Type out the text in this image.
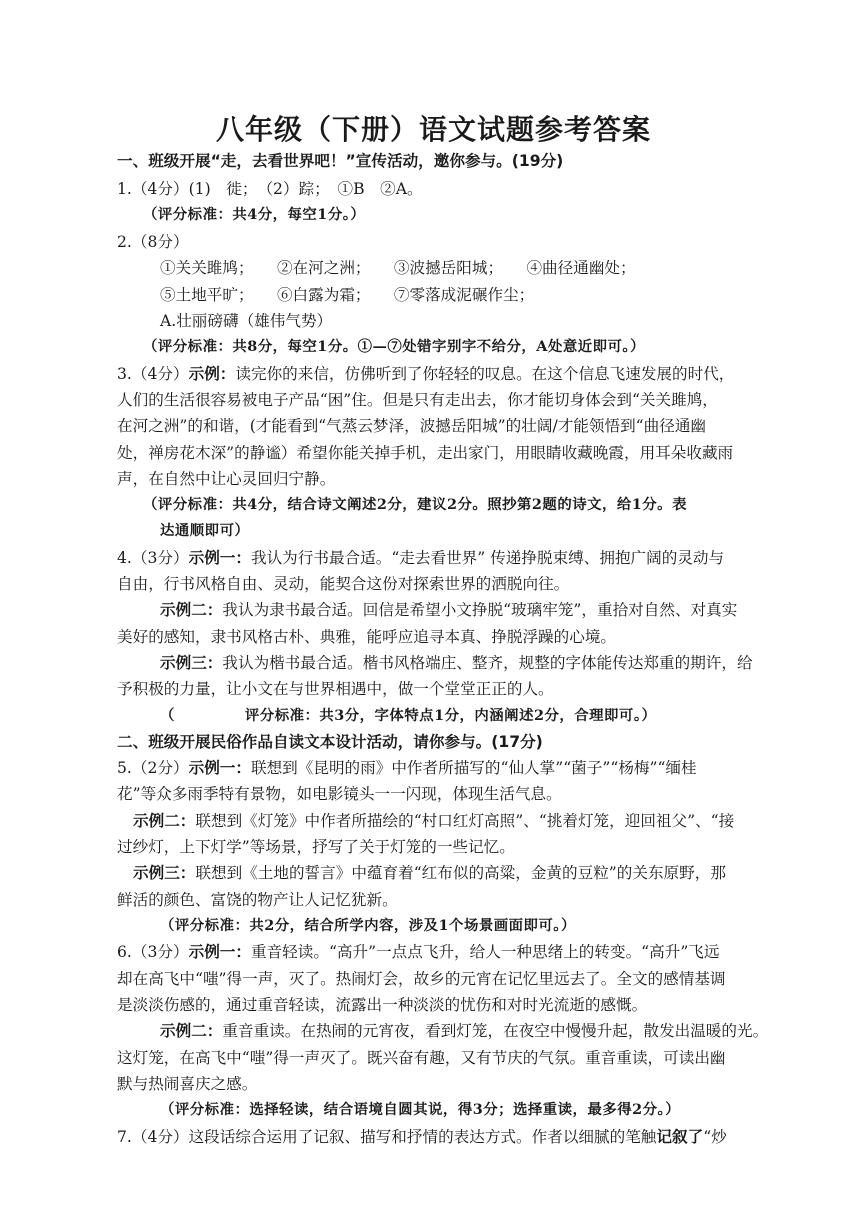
八年级（下册）语文试题参考答案
一、班级开展“走，去看世界吧！”宣传活动，邀你参与。(19分)
1.（4分）(1)　徙；　（2）踪；　①B　②A。
（评分标准：共4分，每空1分。）
2.（8分）
①关关雎鸠；　　②在河之洲；　　③波撼岳阳城；　　④曲径通幽处；
⑤土地平旷；　　⑥白露为霜；　　⑦零落成泥碾作尘；
A.壮丽磅礴（雄伟气势）
（评分标准：共8分，每空1分。①—⑦处错字别字不给分，A处意近即可。）
3.（4分）示例：读完你的来信，仿佛听到了你轻轻的叹息。在这个信息飞速发展的时代，
人们的生活很容易被电子产品“困”住。但是只有走出去，你才能切身体会到“关关雎鸠，
在河之洲”的和谐，(才能看到“气蒸云梦泽，波撼岳阳城”的壮阔/才能领悟到“曲径通幽
处，禅房花木深”的静谧）希望你能关掉手机，走出家门，用眼睛收藏晚霞，用耳朵收藏雨
声，在自然中让心灵回归宁静。
（评分标准：共4分，结合诗文阐述2分，建议2分。照抄第2题的诗文，给1分。表
达通顺即可）
4.（3分）示例一：我认为行书最合适。“走去看世界” 传递挣脱束缚、拥抱广阔的灵动与
自由，行书风格自由、灵动，能契合这份对探索世界的洒脱向往。
示例二：我认为隶书最合适。回信是希望小文挣脱“玻璃牢笼”，重拾对自然、对真实
美好的感知，隶书风格古朴、典雅，能呼应追寻本真、挣脱浮躁的心境。
示例三：我认为楷书最合适。楷书风格端庄、整齐，规整的字体能传达郑重的期许，给
予积极的力量，让小文在与世界相遇中，做一个堂堂正正的人。
（	评分标准：共3分，字体特点1分，内涵阐述2分，合理即可。）
二、班级开展民俗作品自读文本设计活动，请你参与。(17分)
5.（2分）示例一：联想到《昆明的雨》中作者所描写的“仙人掌”“菌子”“杨梅”“缅桂
花”等众多雨季特有景物，如电影镜头一一闪现，体现生活气息。
示例二：联想到《灯笼》中作者所描绘的“村口红灯高照”、“挑着灯笼，迎回祖父”、“接
过纱灯，上下灯学”等场景，抒写了关于灯笼的一些记忆。
示例三：联想到《土地的誓言》中蕴育着“红布似的高粱，金黄的豆粒”的关东原野，那
鲜活的颜色、富饶的物产让人记忆犹新。
（评分标准：共2分，结合所学内容，涉及1个场景画面即可。）
6.（3分）示例一：重音轻读。“高升”一点点飞升，给人一种思绪上的转变。“高升”飞远
却在高飞中“嗤”得一声，灭了。热闹灯会，故乡的元宵在记忆里远去了。全文的感情基调
是淡淡伤感的，通过重音轻读，流露出一种淡淡的忧伤和对时光流逝的感慨。
示例二：重音重读。在热闹的元宵夜，看到灯笼，在夜空中慢慢升起，散发出温暖的光。
这灯笼，在高飞中“嗤”得一声灭了。既兴奋有趣，又有节庆的气氛。重音重读，可读出幽
默与热闹喜庆之感。
（评分标准：选择轻读，结合语境自圆其说，得3分；选择重读，最多得2分。）
7.（4分）这段话综合运用了记叙、描写和抒情的表达方式。作者以细腻的笔触记叙了“炒
